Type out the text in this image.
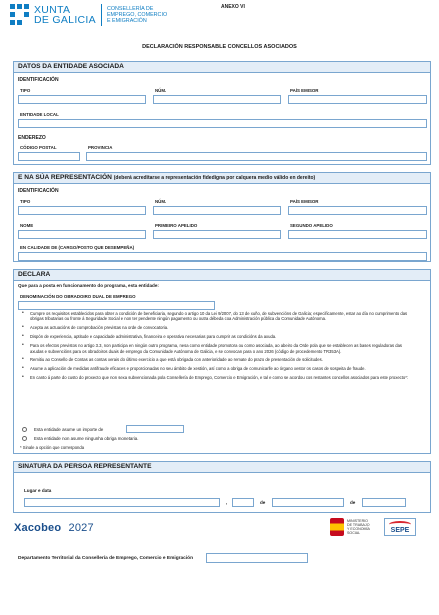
XUNTA
DE GALICIA
CONSELLERÍA DE
EMPREGO, COMERCIO
E EMIGRACIÓN
ANEXO VI
DECLARACIÓN RESPONSABLE CONCELLOS ASOCIADOS
DATOS DA ENTIDADE ASOCIADA
IDENTIFICACIÓN
TIPO	NÚM.	PAÍS EMISOR
ENTIDADE LOCAL
ENDEREZO
CÓDIGO POSTAL	PROVINCIA
E NA SÚA REPRESENTACIÓN (deberá acreditarse a representación fidedigna por calquera medio válido en dereito)
IDENTIFICACIÓN
TIPO	NÚM.	PAÍS EMISOR
NOME	PRIMEIRO APELIDO	SEGUNDO APELIDO
EN CALIDADE DE (CARGO/POSTO QUE DESEMPEÑA)
DECLARA
Que para a posta en funcionamento do programa, esta entidade:
DENOMINACIÓN DO OBRADOIRO DUAL DE EMPREGO
• Cumpre os requisitos establecidos para obter a condición de beneficiaria, segundo o artigo 10 da Lei 9/2007, do 13 de xuño, de subvencións de Galicia; especificamente, estar ao día no cumprimento das obrigas tributarias ou fronte á Seguridade Social e non ter pendente ningún pagamento ou outra débeda coa Administración pública da Comunidade Autónoma.
• Acepta as actuacións de comprobación previstas na orde de convocatoria.
• Dispón de experiencia, aptitude e capacidade administrativa, financeira e operativa necesarias para cumprir as condicións da axuda.
• Para os efectos previstos no artigo 3.3, non participa en ningún outro programa, nesa como entidade promotora ou como asociada, ao abeiro da Orde pola que se establecen as bases reguladoras das axudas e subvencións para os obradoiros duais de emprego da Comunidade Autónoma de Galicia, e se convocan para o ano 2026 (código de procedemento TR353A).
• Remitiu ao Consello de Contas as contas xerais do último exercicio a que está obrigada con anterioridade ao remate do prazo de presentación de solicitudes.
• Asume a aplicación de medidas antifraude eficaces e proporcionadas no seu ámbito de xestión, así como a obriga de comunicarlle ao órgano xestor os casos de sospeita de fraude.
• En canto á parte do custo do proxecto que non sexa subvencionada pola Consellería de Emprego, Comercio e Emigración, e tal e como se acordou cos restantes concellos asociados para este proxecto*:
Esta entidade asume un importe de
Esta entidade non asume ningunha obriga monetaria.
* Sinale a opción que corresponda
SINATURA DA PERSOA REPRESENTANTE
Lugar e data
,	de	de
Xacobeo 2027
MINISTERIO
DE TRABAJO
Y ECONOMÍA SOCIAL	SEPE
Departamento Territorial da Consellería de Emprego, Comercio e Emigración
